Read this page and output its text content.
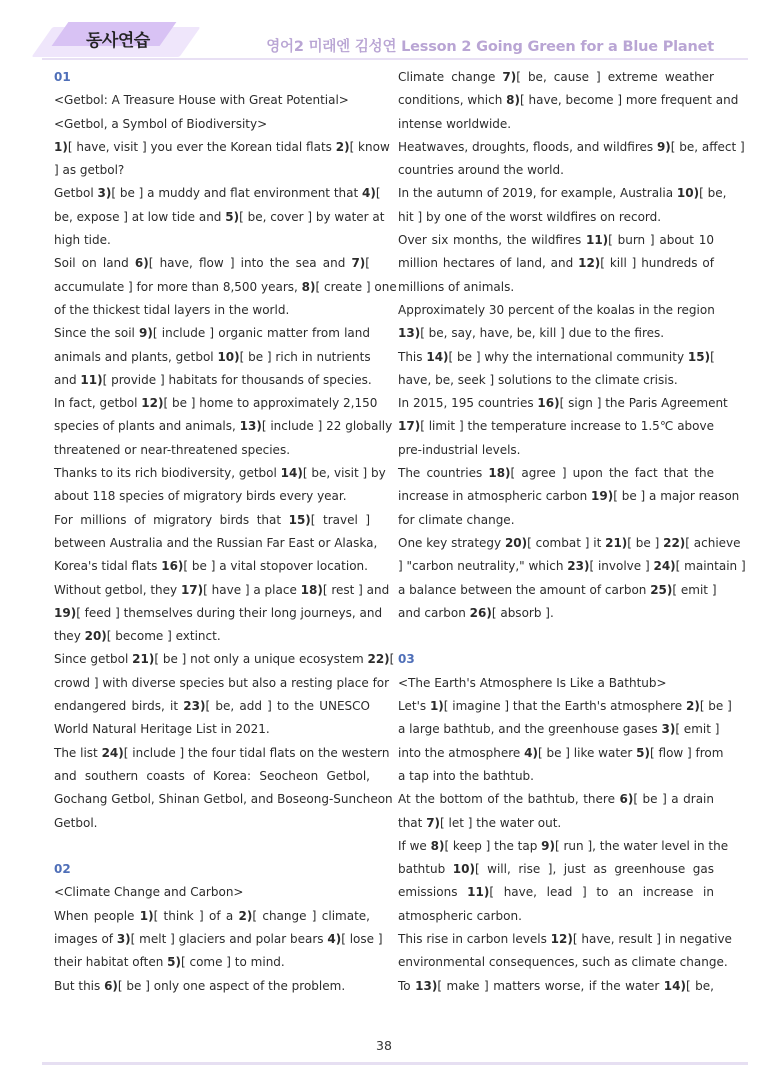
동사연습	영어2 미래엔 김성연 Lesson 2 Going Green for a Blue Planet
01
<Getbol: A Treasure House with Great Potential>
<Getbol, a Symbol of Biodiversity>
1)[ have, visit ] you ever the Korean tidal flats 2)[ know
] as getbol?
Getbol 3)[ be ] a muddy and flat environment that 4)[
be, expose ] at low tide and 5)[ be, cover ] by water at
high tide.
Soil on land 6)[ have, flow ] into the sea and 7)[
accumulate ] for more than 8,500 years, 8)[ create ] one
of the thickest tidal layers in the world.
Since the soil 9)[ include ] organic matter from land
animals and plants, getbol 10)[ be ] rich in nutrients
and 11)[ provide ] habitats for thousands of species.
In fact, getbol 12)[ be ] home to approximately 2,150
species of plants and animals, 13)[ include ] 22 globally
threatened or near-threatened species.
Thanks to its rich biodiversity, getbol 14)[ be, visit ] by
about 118 species of migratory birds every year.
For millions of migratory birds that 15)[ travel ]
between Australia and the Russian Far East or Alaska,
Korea's tidal flats 16)[ be ] a vital stopover location.
Without getbol, they 17)[ have ] a place 18)[ rest ] and
19)[ feed ] themselves during their long journeys, and
they 20)[ become ] extinct.
Since getbol 21)[ be ] not only a unique ecosystem 22)[
crowd ] with diverse species but also a resting place for
endangered birds, it 23)[ be, add ] to the UNESCO
World Natural Heritage List in 2021.
The list 24)[ include ] the four tidal flats on the western
and southern coasts of Korea: Seocheon Getbol,
Gochang Getbol, Shinan Getbol, and Boseong-Suncheon
Getbol.
02
<Climate Change and Carbon>
When people 1)[ think ] of a 2)[ change ] climate,
images of 3)[ melt ] glaciers and polar bears 4)[ lose ]
their habitat often 5)[ come ] to mind.
But this 6)[ be ] only one aspect of the problem.
Climate change 7)[ be, cause ] extreme weather
conditions, which 8)[ have, become ] more frequent and
intense worldwide.
Heatwaves, droughts, floods, and wildfires 9)[ be, affect ]
countries around the world.
In the autumn of 2019, for example, Australia 10)[ be,
hit ] by one of the worst wildfires on record.
Over six months, the wildfires 11)[ burn ] about 10
million hectares of land, and 12)[ kill ] hundreds of
millions of animals.
Approximately 30 percent of the koalas in the region
13)[ be, say, have, be, kill ] due to the fires.
This 14)[ be ] why the international community 15)[
have, be, seek ] solutions to the climate crisis.
In 2015, 195 countries 16)[ sign ] the Paris Agreement
17)[ limit ] the temperature increase to 1.5℃ above
pre-industrial levels.
The countries 18)[ agree ] upon the fact that the
increase in atmospheric carbon 19)[ be ] a major reason
for climate change.
One key strategy 20)[ combat ] it 21)[ be ] 22)[ achieve
] "carbon neutrality," which 23)[ involve ] 24)[ maintain ]
a balance between the amount of carbon 25)[ emit ]
and carbon 26)[ absorb ].
03
<The Earth's Atmosphere Is Like a Bathtub>
Let's 1)[ imagine ] that the Earth's atmosphere 2)[ be ]
a large bathtub, and the greenhouse gases 3)[ emit ]
into the atmosphere 4)[ be ] like water 5)[ flow ] from
a tap into the bathtub.
At the bottom of the bathtub, there 6)[ be ] a drain
that 7)[ let ] the water out.
If we 8)[ keep ] the tap 9)[ run ], the water level in the
bathtub 10)[ will, rise ], just as greenhouse gas
emissions 11)[ have, lead ] to an increase in
atmospheric carbon.
This rise in carbon levels 12)[ have, result ] in negative
environmental consequences, such as climate change.
To 13)[ make ] matters worse, if the water 14)[ be,
38
